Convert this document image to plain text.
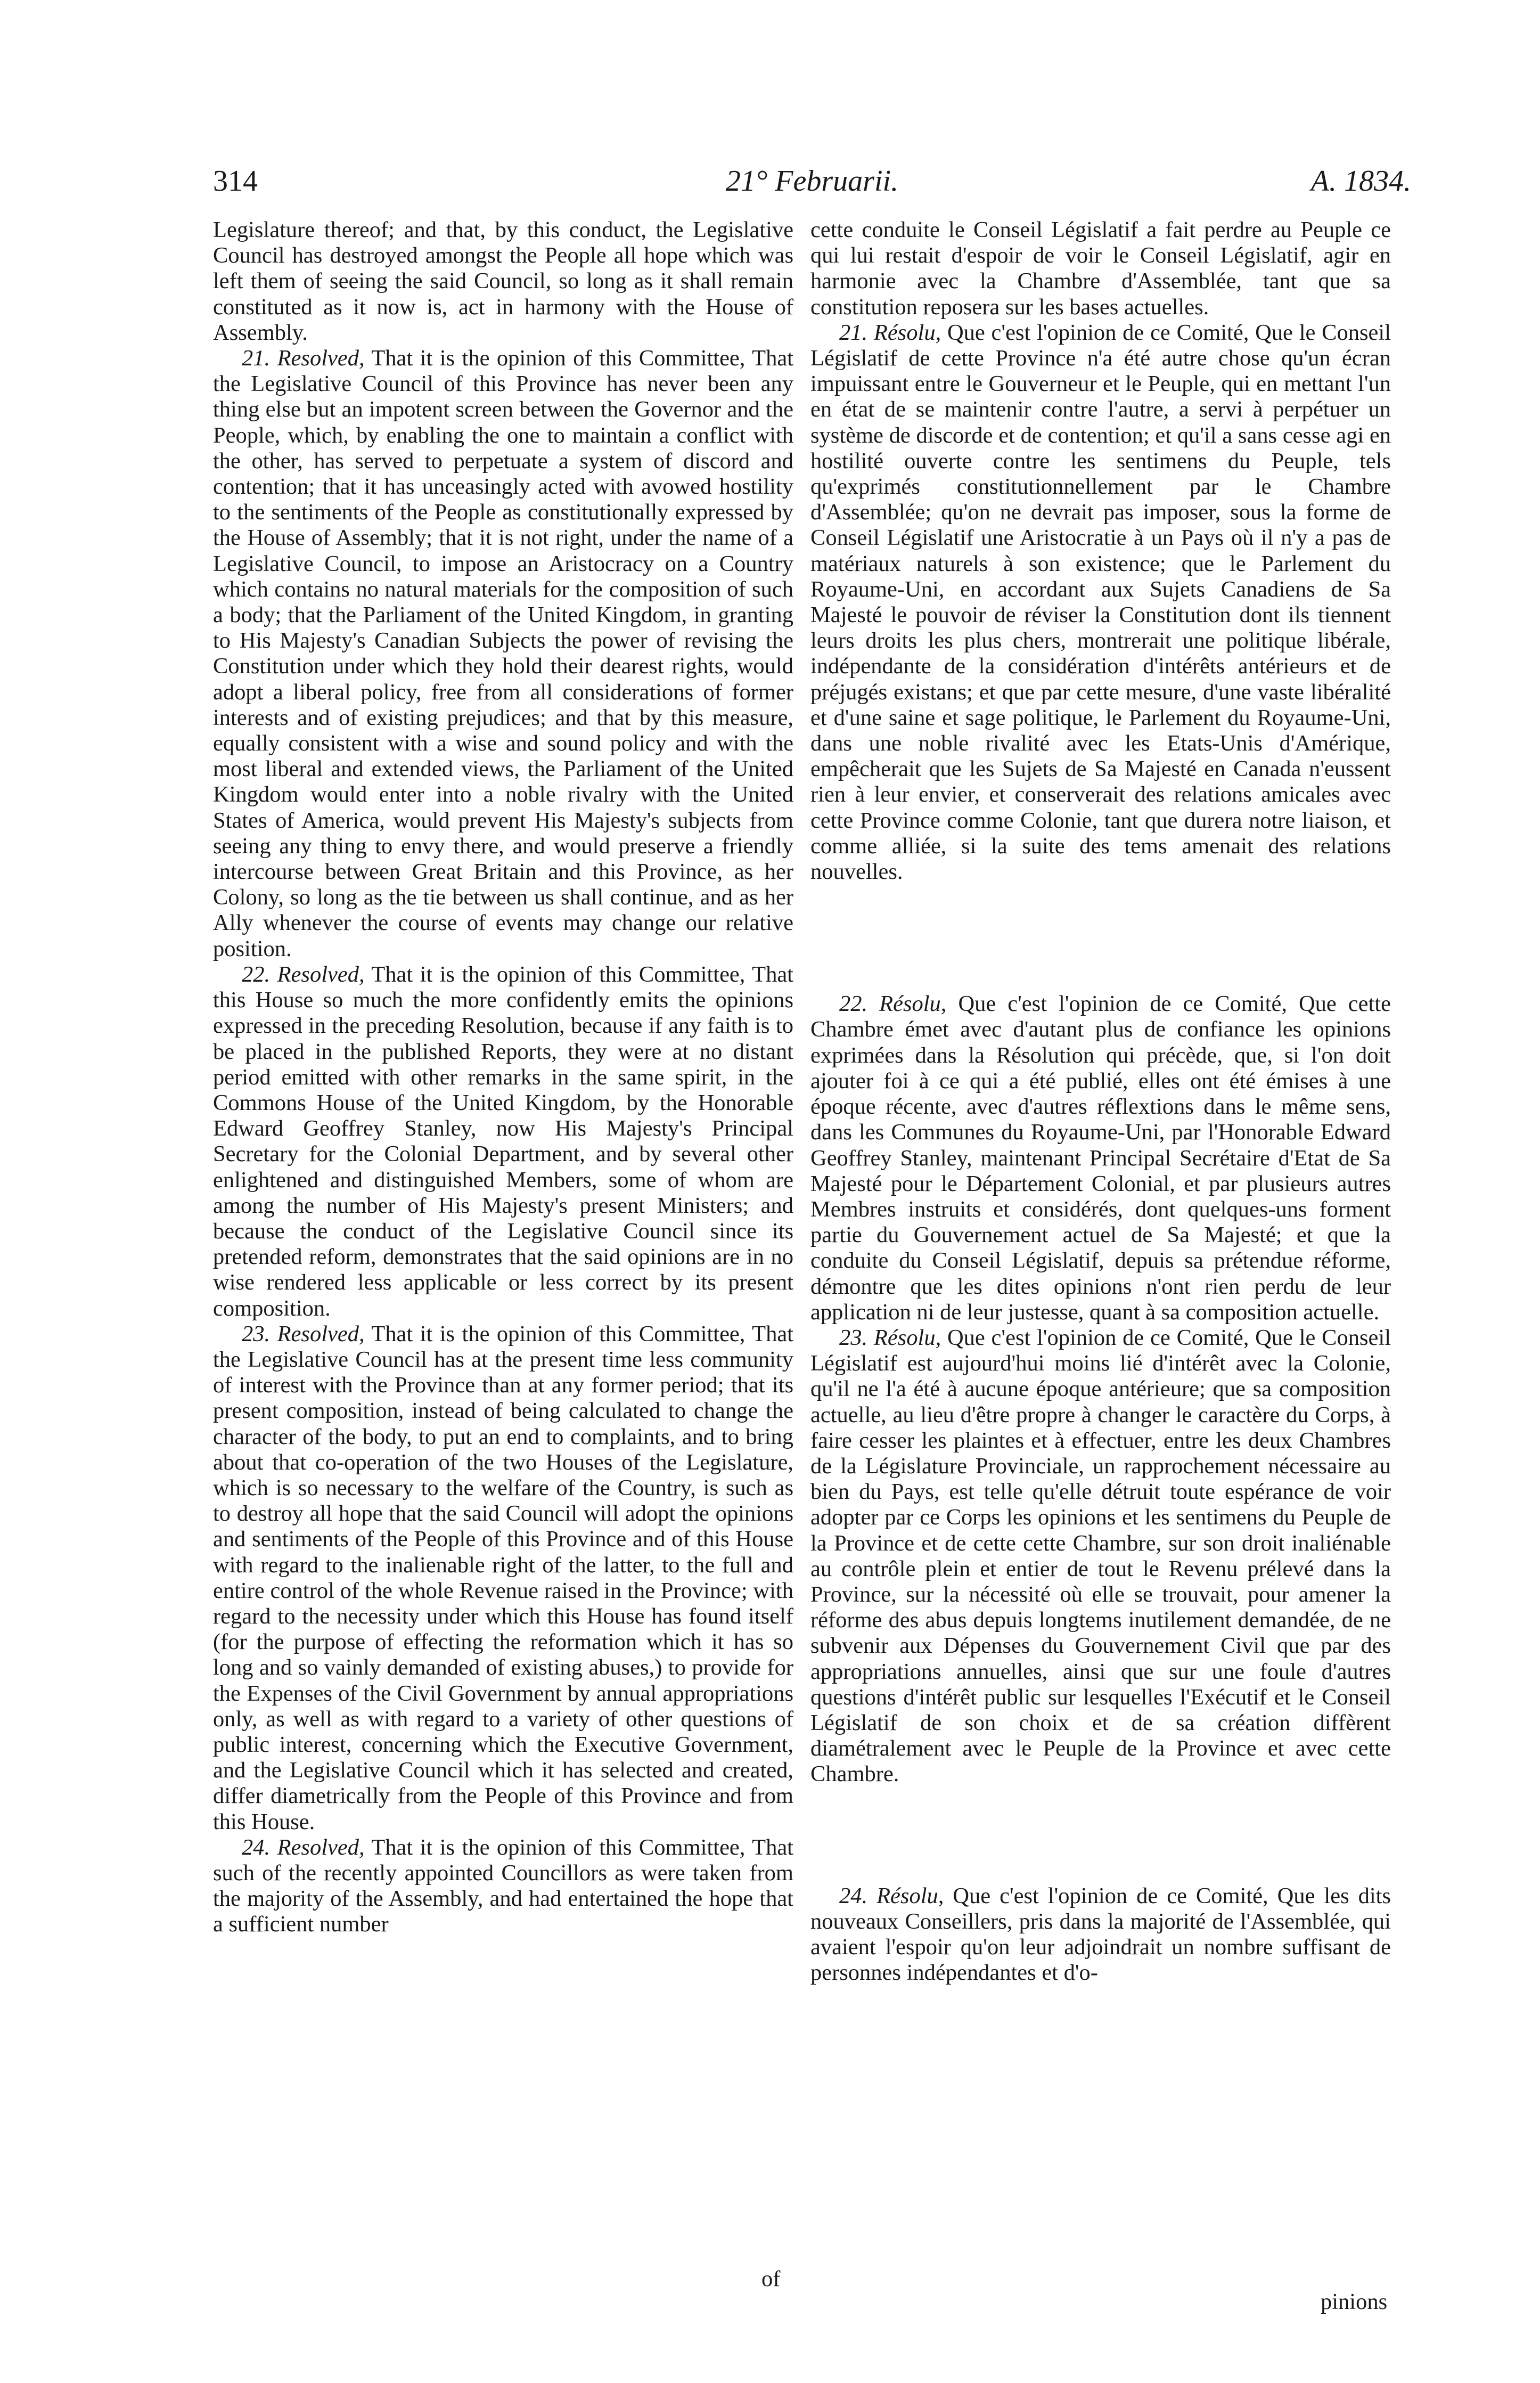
314	21° Februarii.	A. 1834.

Legislature thereof; and that, by this conduct, the Legislative Council has destroyed amongst the People all hope which was left them of seeing the said Council, so long as it shall remain constituted as it now is, act in harmony with the House of Assembly.

21. Resolved, That it is the opinion of this Committee, That the Legislative Council of this Province has never been any thing else but an impotent screen between the Governor and the People, which, by enabling the one to maintain a conflict with the other, has served to perpetuate a system of discord and contention; that it has unceasingly acted with avowed hostility to the sentiments of the People as constitutionally expressed by the House of Assembly; that it is not right, under the name of a Legislative Council, to impose an Aristocracy on a Country which contains no natural materials for the composition of such a body; that the Parliament of the United Kingdom, in granting to His Majesty's Canadian Subjects the power of revising the Constitution under which they hold their dearest rights, would adopt a liberal policy, free from all considerations of former interests and of existing prejudices; and that by this measure, equally consistent with a wise and sound policy and with the most liberal and extended views, the Parliament of the United Kingdom would enter into a noble rivalry with the United States of America, would prevent His Majesty's subjects from seeing any thing to envy there, and would preserve a friendly intercourse between Great Britain and this Province, as her Colony, so long as the tie between us shall continue, and as her Ally whenever the course of events may change our relative position.

22. Resolved, That it is the opinion of this Committee, That this House so much the more confidently emits the opinions expressed in the preceding Resolution, because if any faith is to be placed in the published Reports, they were at no distant period emitted with other remarks in the same spirit, in the Commons House of the United Kingdom, by the Honorable Edward Geoffrey Stanley, now His Majesty's Principal Secretary for the Colonial Department, and by several other enlightened and distinguished Members, some of whom are among the number of His Majesty's present Ministers; and because the conduct of the Legislative Council since its pretended reform, demonstrates that the said opinions are in no wise rendered less applicable or less correct by its present composition.

23. Resolved, That it is the opinion of this Committee, That the Legislative Council has at the present time less community of interest with the Province than at any former period; that its present composition, instead of being calculated to change the character of the body, to put an end to complaints, and to bring about that co-operation of the two Houses of the Legislature, which is so necessary to the welfare of the Country, is such as to destroy all hope that the said Council will adopt the opinions and sentiments of the People of this Province and of this House with regard to the inalienable right of the latter, to the full and entire control of the whole Revenue raised in the Province; with regard to the necessity under which this House has found itself (for the purpose of effecting the reformation which it has so long and so vainly demanded of existing abuses,) to provide for the Expenses of the Civil Government by annual appropriations only, as well as with regard to a variety of other questions of public interest, concerning which the Executive Government, and the Legislative Council which it has selected and created, differ diametrically from the People of this Province and from this House.

24. Resolved, That it is the opinion of this Committee, That such of the recently appointed Councillors as were taken from the majority of the Assembly, and had entertained the hope that a sufficient number

cette conduite le Conseil Législatif a fait perdre au Peuple ce qui lui restait d'espoir de voir le Conseil Législatif, agir en harmonie avec la Chambre d'Assemblée, tant que sa constitution reposera sur les bases actuelles.

21. Résolu, Que c'est l'opinion de ce Comité, Que le Conseil Législatif de cette Province n'a été autre chose qu'un écran impuissant entre le Gouverneur et le Peuple, qui en mettant l'un en état de se maintenir contre l'autre, a servi à perpétuer un système de discorde et de contention; et qu'il a sans cesse agi en hostilité ouverte contre les sentimens du Peuple, tels qu'exprimés constitutionnellement par le Chambre d'Assemblée; qu'on ne devrait pas imposer, sous la forme de Conseil Législatif une Aristocratie à un Pays où il n'y a pas de matériaux naturels à son existence; que le Parlement du Royaume-Uni, en accordant aux Sujets Canadiens de Sa Majesté le pouvoir de réviser la Constitution dont ils tiennent leurs droits les plus chers, montrerait une politique libérale, indépendante de la considération d'intérêts antérieurs et de préjugés existans; et que par cette mesure, d'une vaste libéralité et d'une saine et sage politique, le Parlement du Royaume-Uni, dans une noble rivalité avec les Etats-Unis d'Amérique, empêcherait que les Sujets de Sa Majesté en Canada n'eussent rien à leur envier, et conserverait des relations amicales avec cette Province comme Colonie, tant que durera notre liaison, et comme alliée, si la suite des tems amenait des relations nouvelles.

22. Résolu, Que c'est l'opinion de ce Comité, Que cette Chambre émet avec d'autant plus de confiance les opinions exprimées dans la Résolution qui précède, que, si l'on doit ajouter foi à ce qui a été publié, elles ont été émises à une époque récente, avec d'autres réflextions dans le même sens, dans les Communes du Royaume-Uni, par l'Honorable Edward Geoffrey Stanley, maintenant Principal Secrétaire d'Etat de Sa Majesté pour le Département Colonial, et par plusieurs autres Membres instruits et considérés, dont quelques-uns forment partie du Gouvernement actuel de Sa Majesté; et que la conduite du Conseil Législatif, depuis sa prétendue réforme, démontre que les dites opinions n'ont rien perdu de leur application ni de leur justesse, quant à sa composition actuelle.

23. Résolu, Que c'est l'opinion de ce Comité, Que le Conseil Législatif est aujourd'hui moins lié d'intérêt avec la Colonie, qu'il ne l'a été à aucune époque antérieure; que sa composition actuelle, au lieu d'être propre à changer le caractère du Corps, à faire cesser les plaintes et à effectuer, entre les deux Chambres de la Législature Provinciale, un rapprochement nécessaire au bien du Pays, est telle qu'elle détruit toute espérance de voir adopter par ce Corps les opinions et les sentimens du Peuple de la Province et de cette cette Chambre, sur son droit inaliénable au contrôle plein et entier de tout le Revenu prélevé dans la Province, sur la nécessité où elle se trouvait, pour amener la réforme des abus depuis longtems inutilement demandée, de ne subvenir aux Dépenses du Gouvernement Civil que par des appropriations annuelles, ainsi que sur une foule d'autres questions d'intérêt public sur lesquelles l'Exécutif et le Conseil Législatif de son choix et de sa création diffèrent diamétralement avec le Peuple de la Province et avec cette Chambre.

24. Résolu, Que c'est l'opinion de ce Comité, Que les dits nouveaux Conseillers, pris dans la majorité de l'Assemblée, qui avaient l'espoir qu'on leur adjoindrait un nombre suffisant de personnes indépendantes et d'o-

of
pinions
